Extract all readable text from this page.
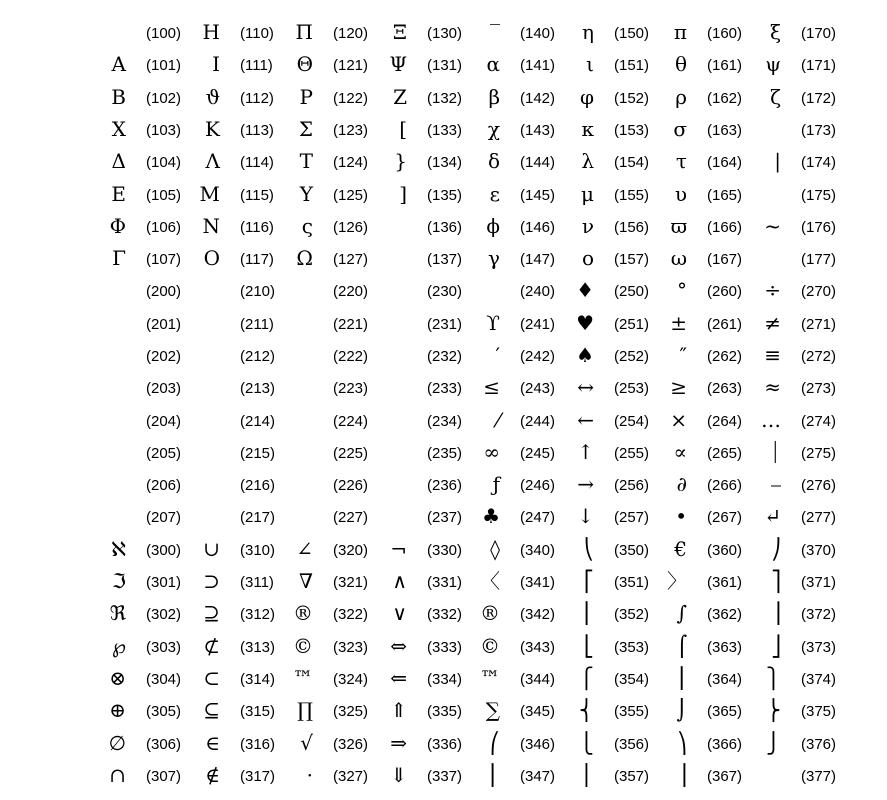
(100)
Α (101)
Β (102)
Χ (103)
Δ (104)
Ε (105)
Φ (106)
Γ (107)
(200)
(201)
(202)
(203)
(204)
(205)
(206)
(207)
ℵ (300)
ℑ (301)
ℜ (302)
℘ (303)
⊗ (304)
⊕ (305)
∅ (306)
∩ (307)
Η (110)
Ι (111)
ϑ (112)
Κ (113)
Λ (114)
Μ (115)
Ν (116)
Ο (117)
(210)
(211)
(212)
(213)
(214)
(215)
(216)
(217)
∪ (310)
⊃ (311)
⊇ (312)
⊄ (313)
⊂ (314)
⊆ (315)
∈ (316)
∉ (317)
Π (120)
Θ (121)
Ρ (122)
Σ (123)
Τ (124)
Υ (125)
ς (126)
Ω (127)
(220)
(221)
(222)
(223)
(224)
(225)
(226)
(227)
∠ (320)
∇ (321)
® (322)
© (323)
™ (324)
∏ (325)
√ (326)
· (327)
Ξ (130)
Ψ (131)
Ζ (132)
[ (133)
} (134)
] (135)
(136)
(137)
(230)
(231)
(232)
(233)
(234)
(235)
(236)
(237)
¬ (330)
∧ (331)
∨ (332)
⇔ (333)
⇐ (334)
⇑ (335)
⇒ (336)
⇓ (337)
‾ (140)
α (141)
β (142)
χ (143)
δ (144)
ε (145)
ϕ (146)
γ (147)
(240)
ϒ (241)
′ (242)
≤ (243)
⁄ (244)
∞ (245)
ƒ (246)
♣ (247)
◊ (340)
〈 (341)
® (342)
© (343)
™ (344)
∑ (345)
⎛ (346)
⎜ (347)
η (150)
ι (151)
φ (152)
κ (153)
λ (154)
μ (155)
ν (156)
ο (157)
♦ (250)
♥ (251)
♠ (252)
↔ (253)
← (254)
↑ (255)
→ (256)
↓ (257)
⎝ (350)
⎡ (351)
⎢ (352)
⎣ (353)
⎧ (354)
⎨ (355)
⎩ (356)
⎪ (357)
π (160)
θ (161)
ρ (162)
σ (163)
τ (164)
υ (165)
ϖ (166)
ω (167)
° (260)
± (261)
″ (262)
≥ (263)
× (264)
∝ (265)
∂ (266)
• (267)
€ (360)
〉 (361)
∫ (362)
⌠ (363)
⎮ (364)
⌡ (365)
⎞ (366)
⎟ (367)
ξ (170)
ψ (171)
ζ (172)
(173)
| (174)
(175)
~ (176)
(177)
÷ (270)
≠ (271)
≡ (272)
≈ (273)
… (274)
⏐ (275)
⎯ (276)
↵ (277)
⎠ (370)
⎤ (371)
⎥ (372)
⎦ (373)
⎫ (374)
⎬ (375)
⎭ (376)
(377)
